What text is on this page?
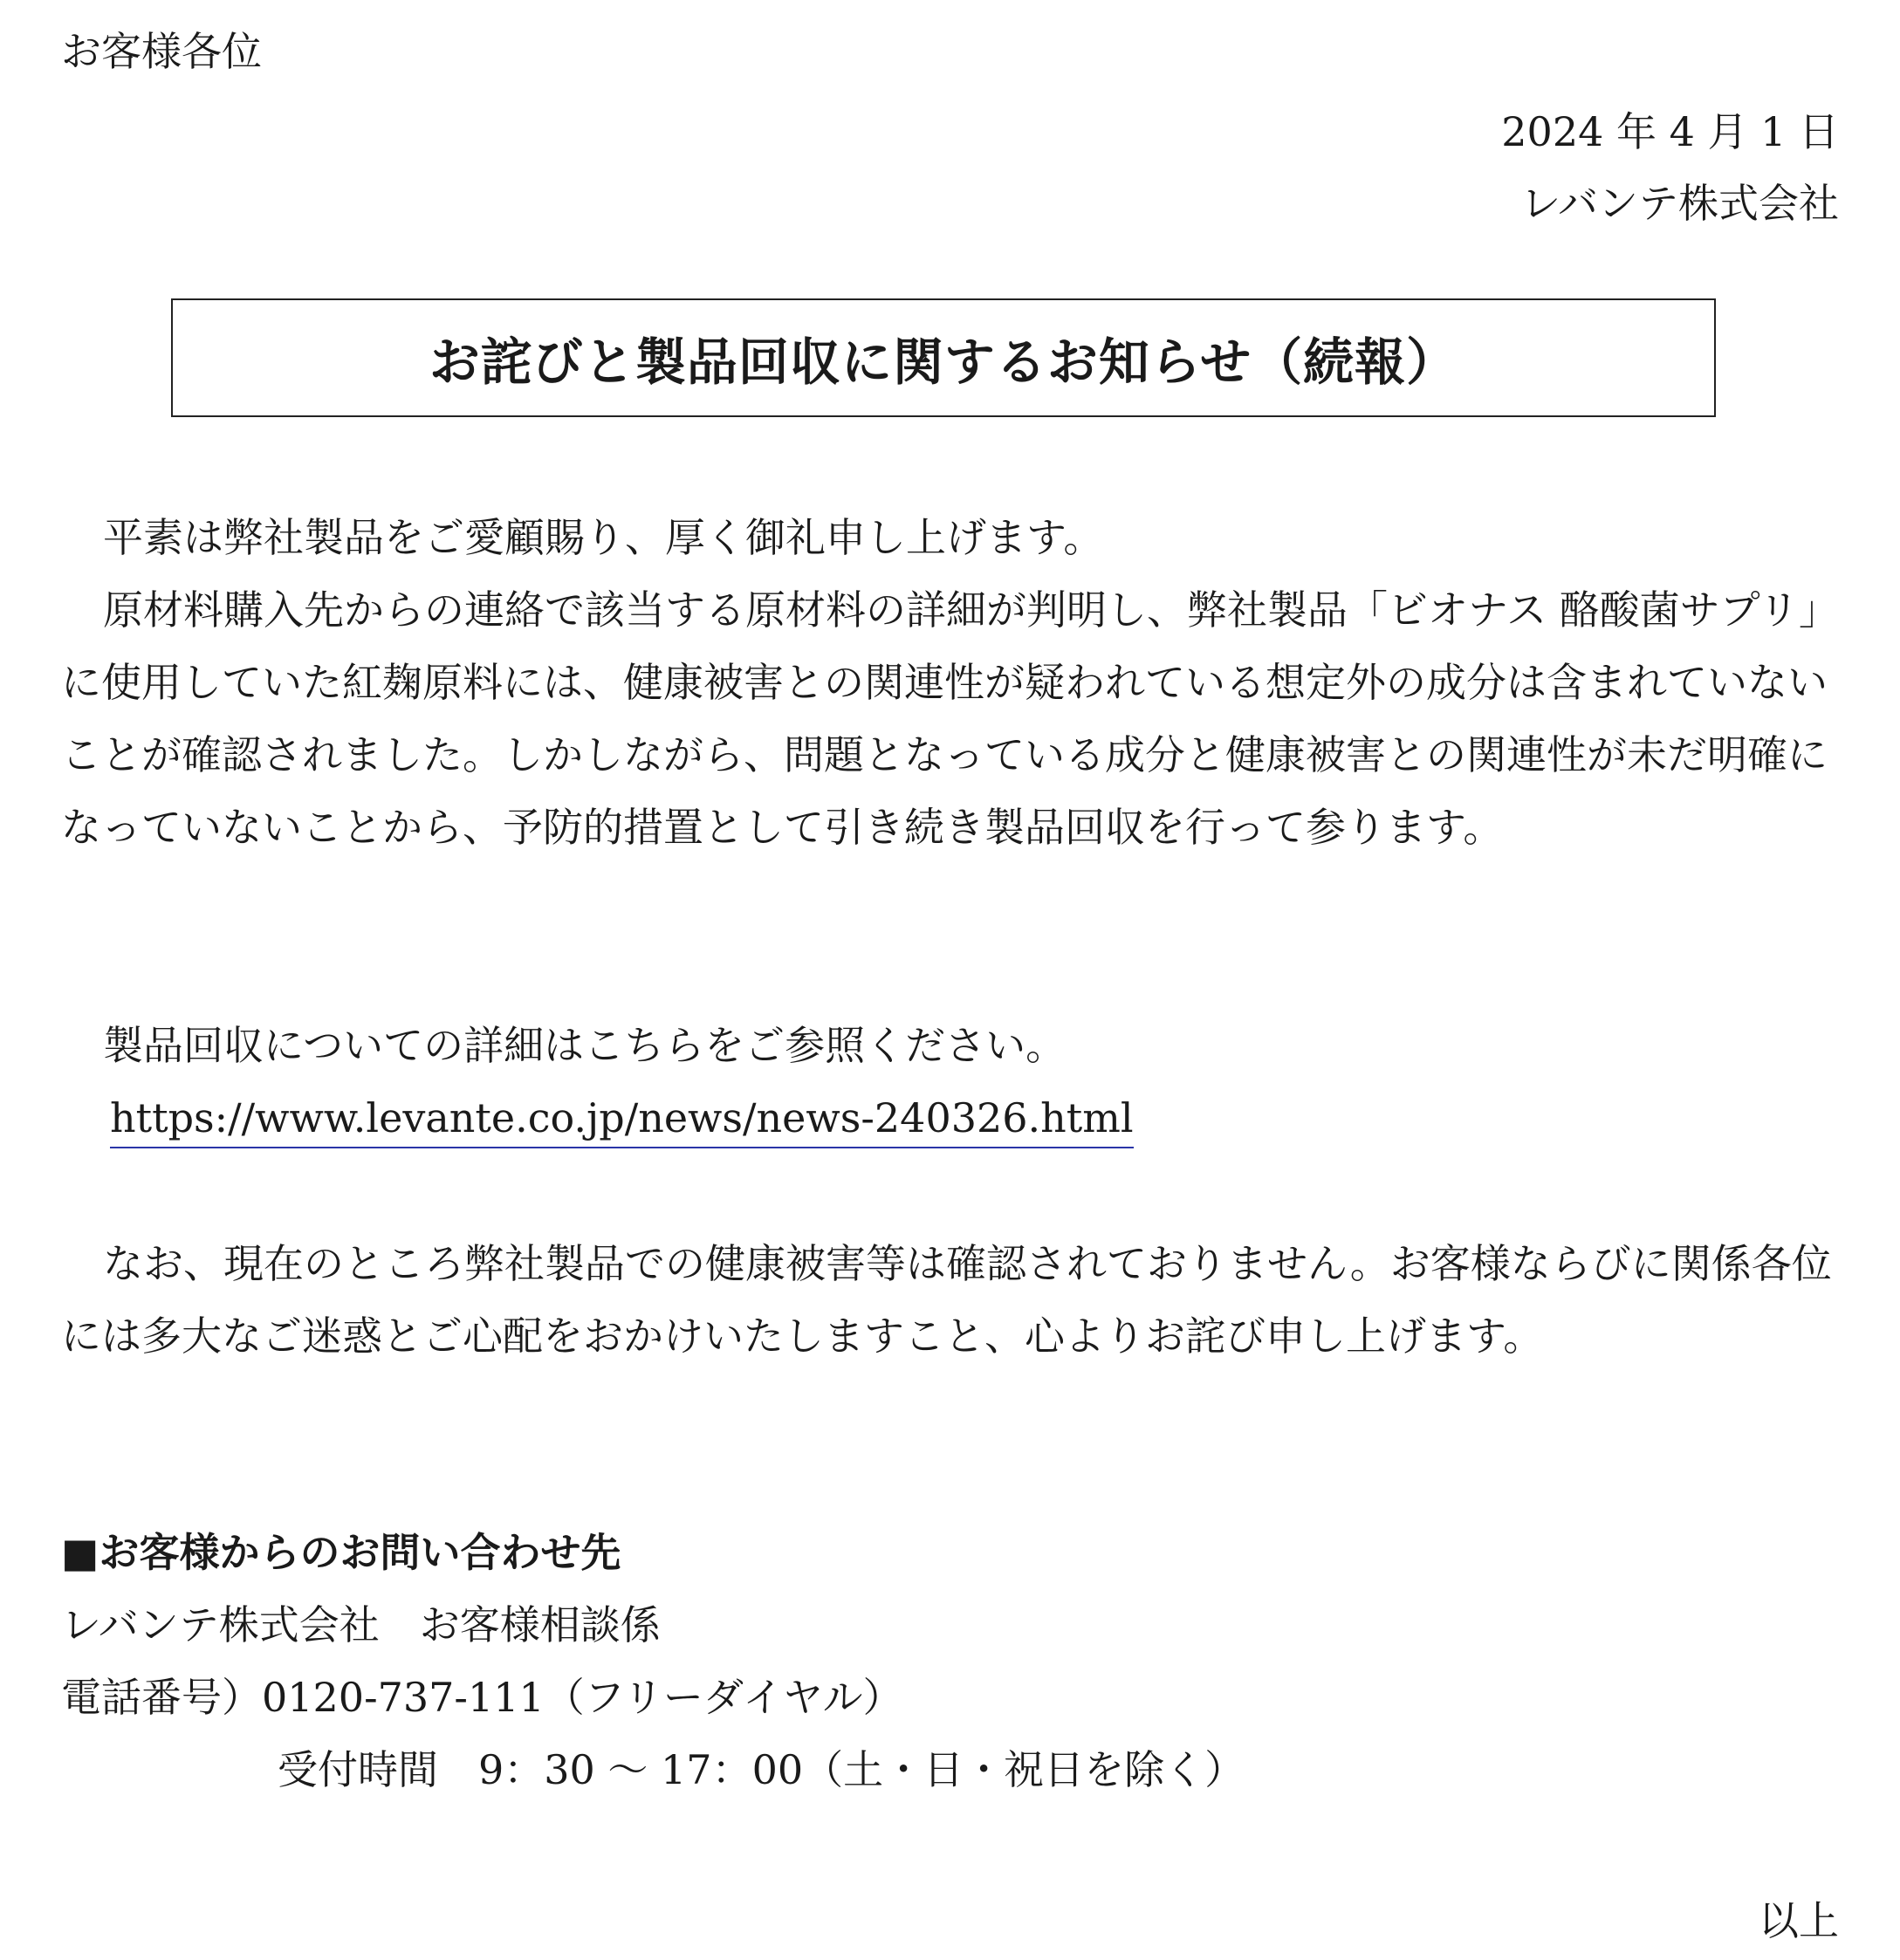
お客様各位

2024 年 4 月 1 日
レバンテ株式会社
お詫びと製品回収に関するお知らせ（続報）

平素は弊社製品をご愛顧賜り、厚く御礼申し上げます。

原材料購入先からの連絡で該当する原材料の詳細が判明し、弊社製品「ビオナス 酪酸菌サプリ」に使用していた紅麹原料には、健康被害との関連性が疑われている想定外の成分は含まれていないことが確認されました。しかしながら、問題となっている成分と健康被害との関連性が未だ明確になっていないことから、予防的措置として引き続き製品回収を行って参ります。

製品回収についての詳細はこちらをご参照ください。

https://www.levante.co.jp/news/news-240326.html

なお、現在のところ弊社製品での健康被害等は確認されておりません。お客様ならびに関係各位には多大なご迷惑とご心配をおかけいたしますこと、心よりお詫び申し上げます。

■お客様からのお問い合わせ先
レバンテ株式会社　お客様相談係
電話番号）0120-737-111（フリーダイヤル）
受付時間　9：30 ～ 17：00（土・日・祝日を除く）
以上
